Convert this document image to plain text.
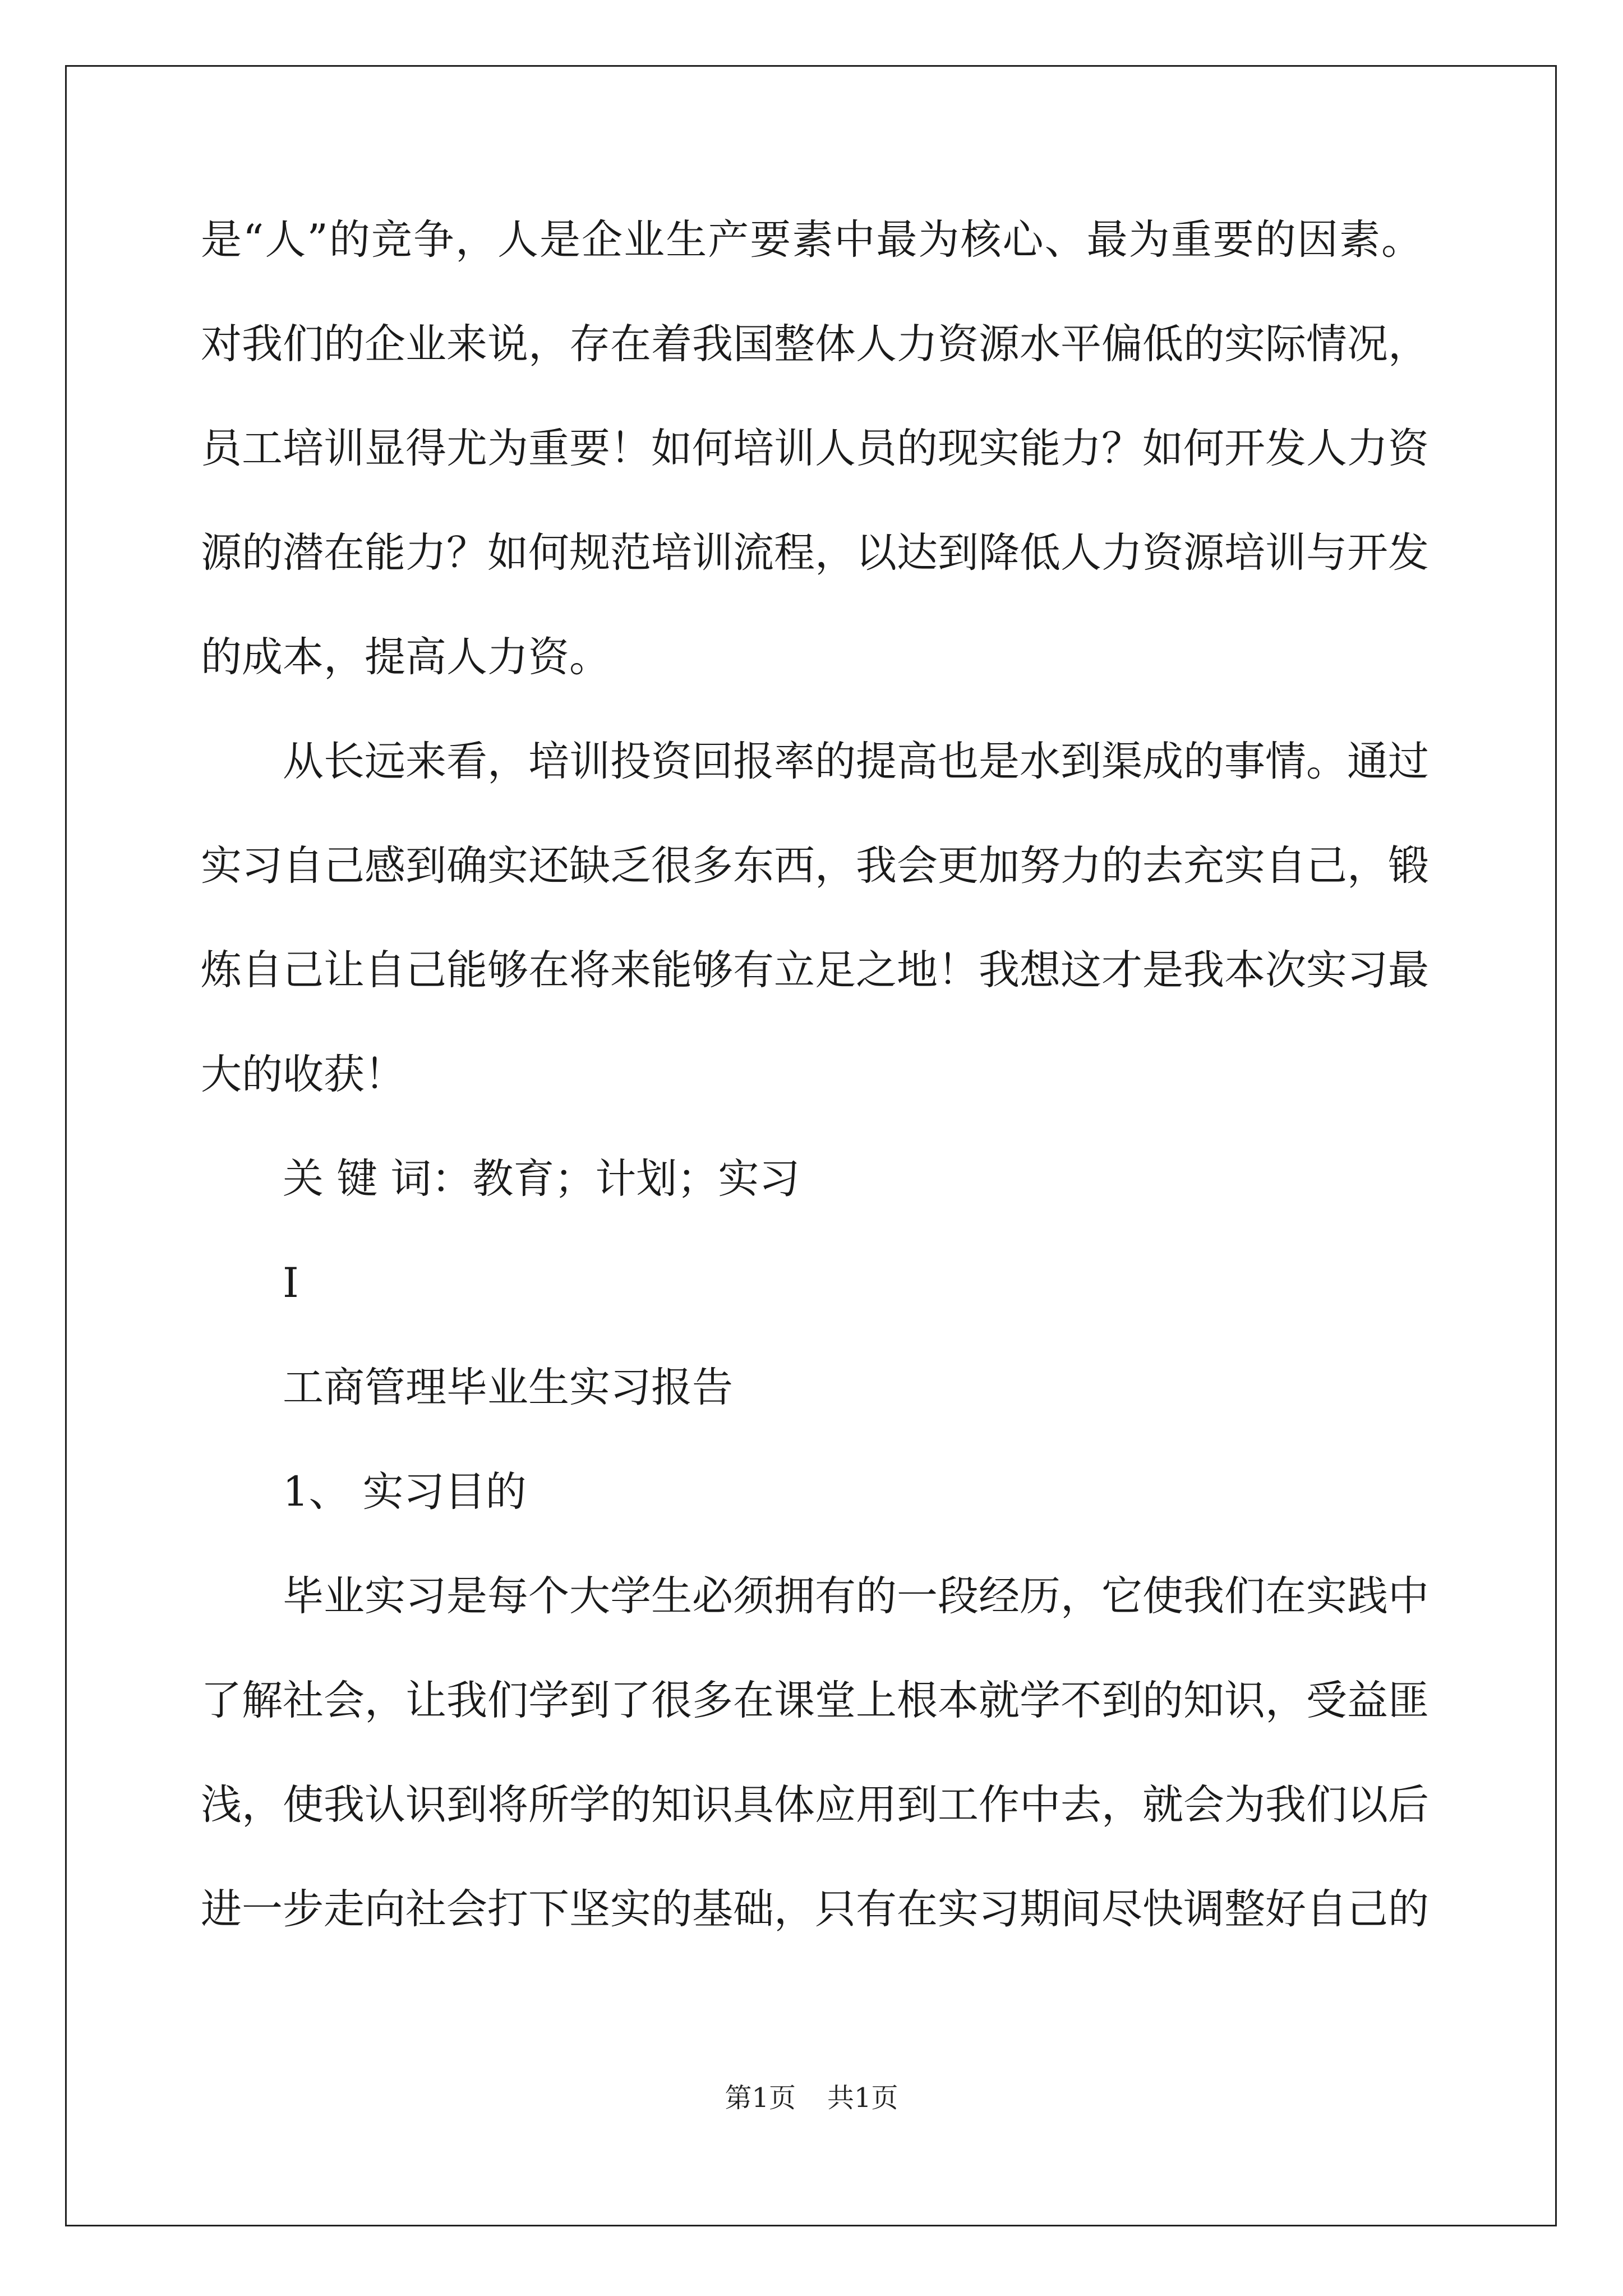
是“人”的竞争，人是企业生产要素中最为核心、最为重要的因素。
对我们的企业来说，存在着我国整体人力资源水平偏低的实际情况，
员工培训显得尤为重要！如何培训人员的现实能力？如何开发人力资
源的潜在能力？如何规范培训流程，以达到降低人力资源培训与开发
的成本，提高人力资。
从长远来看，培训投资回报率的提高也是水到渠成的事情。通过
实习自己感到确实还缺乏很多东西，我会更加努力的去充实自己，锻
炼自己让自己能够在将来能够有立足之地！我想这才是我本次实习最
大的收获！
关 键 词：教育；计划；实习
I
工商管理毕业生实习报告
1、 实习目的
毕业实习是每个大学生必须拥有的一段经历，它使我们在实践中
了解社会，让我们学到了很多在课堂上根本就学不到的知识，受益匪
浅，使我认识到将所学的知识具体应用到工作中去，就会为我们以后
进一步走向社会打下坚实的基础，只有在实习期间尽快调整好自己的
第1页 共1页
